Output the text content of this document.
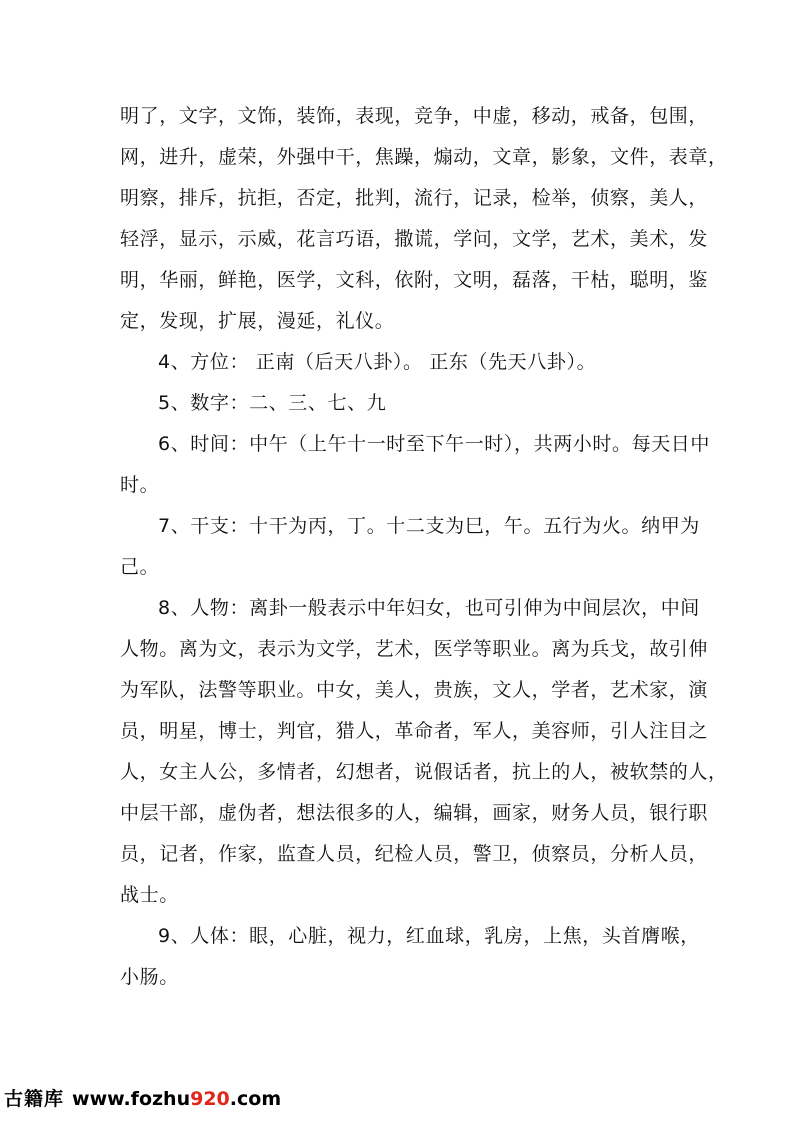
明了，文字，文饰，装饰，表现，竞争，中虚，移动，戒备，包围，
网，进升，虚荣，外强中干，焦躁，煽动，文章，影象，文件，表章，
明察，排斥，抗拒，否定，批判，流行，记录，检举，侦察，美人，
轻浮，显示，示威，花言巧语，撒谎，学问，文学，艺术，美术，发
明，华丽，鲜艳，医学，文科，依附，文明，磊落，干枯，聪明，鉴
定，发现，扩展，漫延，礼仪。
4、方位： 正南（后天八卦）。 正东（先天八卦）。
5、数字：二、三、七、九
6、时间：中午（上午十一时至下午一时），共两小时。每天日中
时。
7、干支：十干为丙，丁。十二支为巳，午。五行为火。纳甲为
己。
8、人物：离卦一般表示中年妇女，也可引伸为中间层次，中间
人物。离为文，表示为文学，艺术，医学等职业。离为兵戈，故引伸
为军队，法警等职业。中女，美人，贵族，文人，学者，艺术家，演
员，明星，博士，判官，猎人，革命者，军人，美容师，引人注目之
人，女主人公，多情者，幻想者，说假话者，抗上的人，被软禁的人，
中层干部，虚伪者，想法很多的人，编辑，画家，财务人员，银行职
员，记者，作家，监查人员，纪检人员，警卫，侦察员，分析人员，
战士。
9、人体：眼，心脏，视力，红血球，乳房，上焦，头首膺喉，
小肠。
古籍库 www.fozhu920.com
